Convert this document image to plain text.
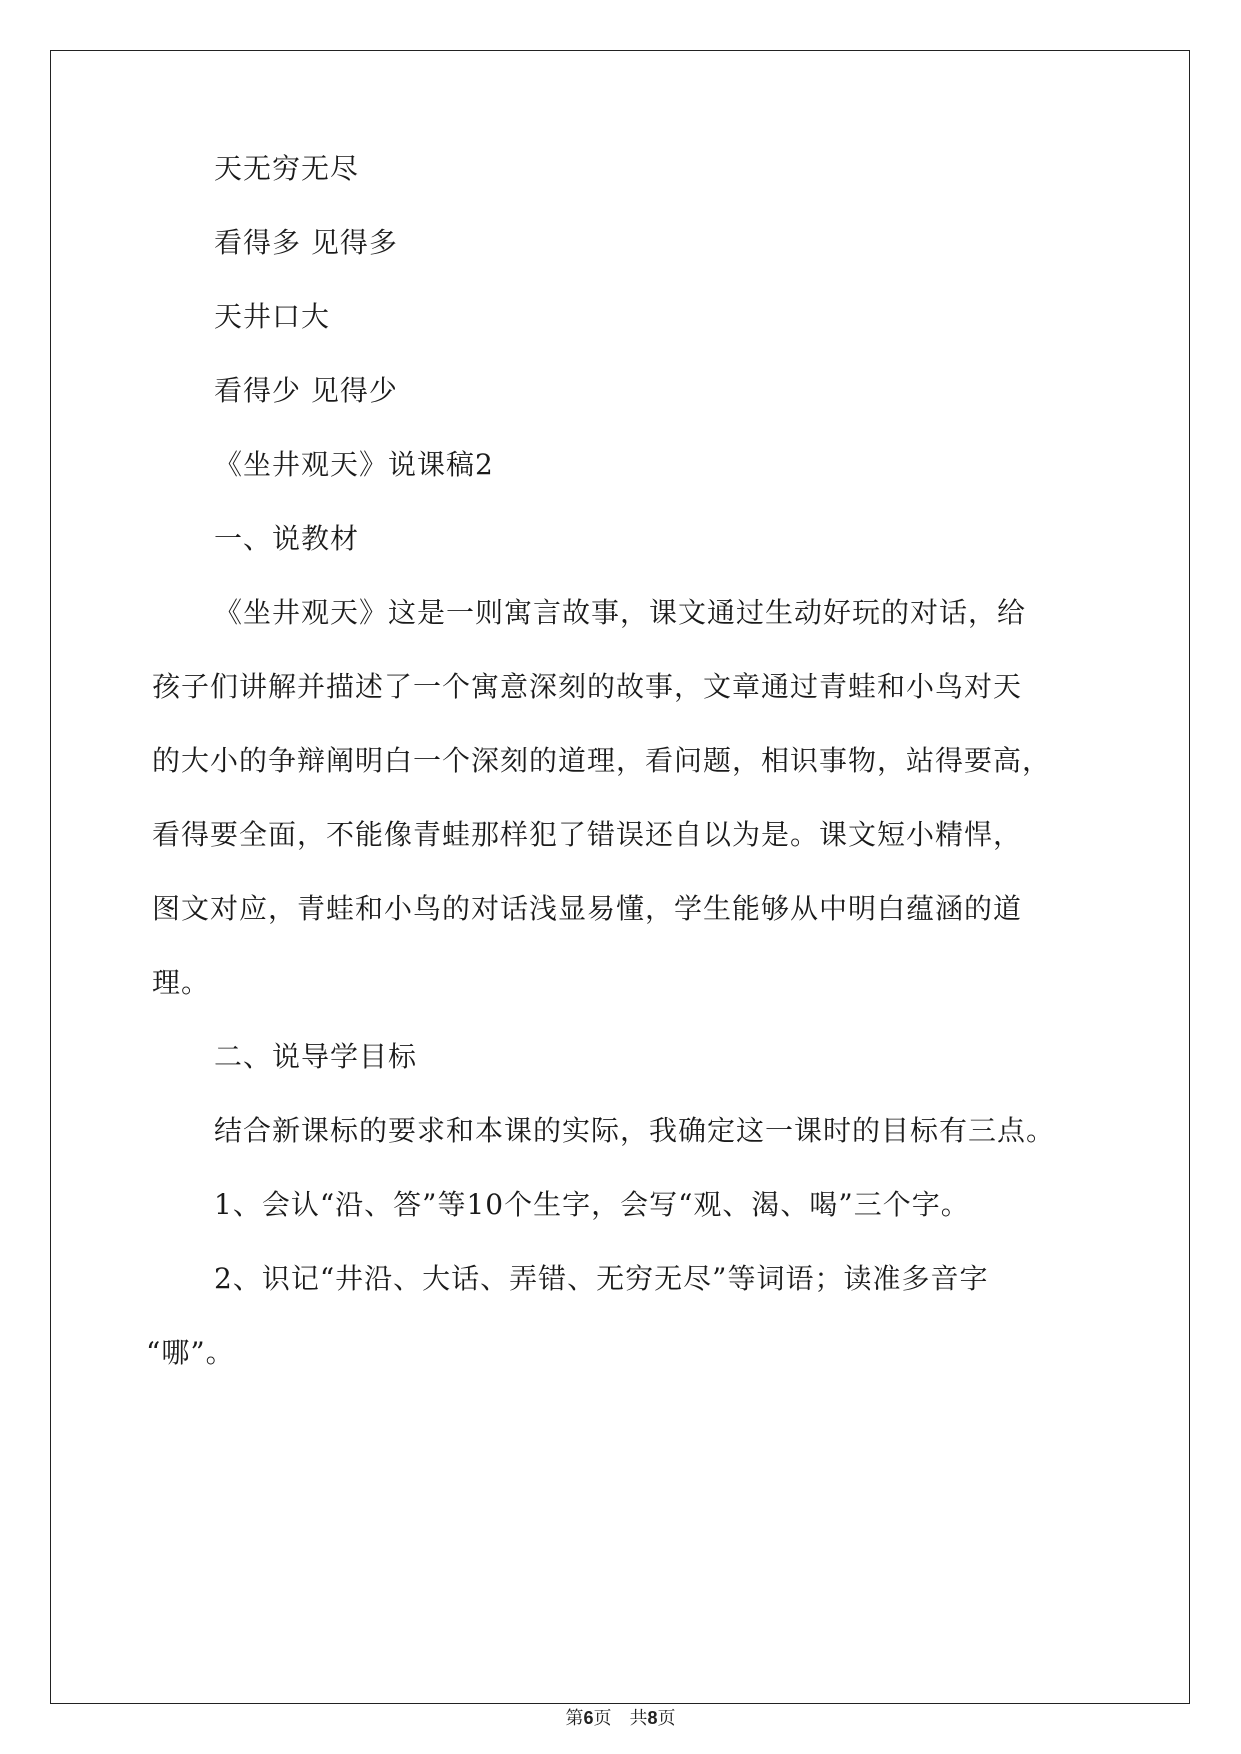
天无穷无尽

看得多 见得多

天井口大

看得少 见得少

《坐井观天》说课稿2

一、说教材

《坐井观天》这是一则寓言故事，课文通过生动好玩的对话，给

孩子们讲解并描述了一个寓意深刻的故事，文章通过青蛙和小鸟对天

的大小的争辩阐明白一个深刻的道理，看问题，相识事物，站得要高，

看得要全面，不能像青蛙那样犯了错误还自以为是。课文短小精悍，

图文对应，青蛙和小鸟的对话浅显易懂，学生能够从中明白蕴涵的道

理。

二、说导学目标

结合新课标的要求和本课的实际，我确定这一课时的目标有三点。

1、会认“沿、答”等10个生字，会写“观、渴、喝”三个字。

2、识记“井沿、大话、弄错、无穷无尽”等词语；读准多音字

“哪”。

第6页    共8页
